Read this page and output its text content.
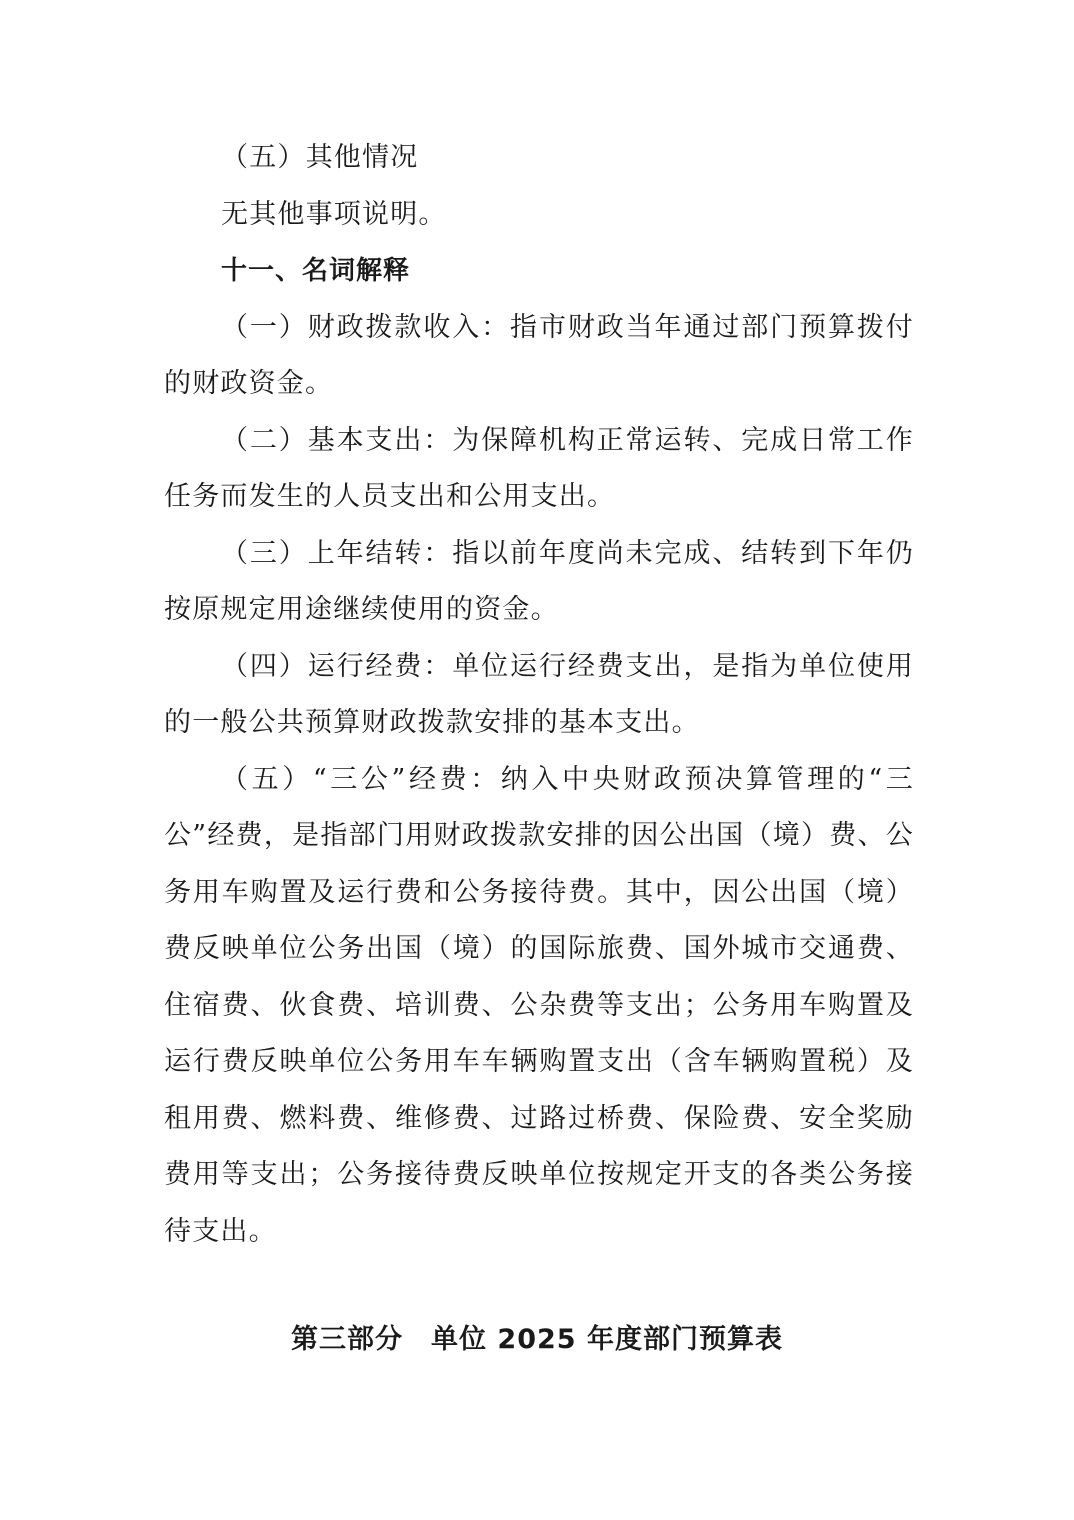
（五）其他情况

无其他事项说明。

十一、名词解释

（一）财政拨款收入：指市财政当年通过部门预算拨付的财政资金。

（二）基本支出：为保障机构正常运转、完成日常工作任务而发生的人员支出和公用支出。

（三）上年结转：指以前年度尚未完成、结转到下年仍按原规定用途继续使用的资金。

（四）运行经费：单位运行经费支出，是指为单位使用的一般公共预算财政拨款安排的基本支出。

（五）“三公”经费：纳入中央财政预决算管理的“三公”经费，是指部门用财政拨款安排的因公出国（境）费、公务用车购置及运行费和公务接待费。其中，因公出国（境）费反映单位公务出国（境）的国际旅费、国外城市交通费、住宿费、伙食费、培训费、公杂费等支出；公务用车购置及运行费反映单位公务用车车辆购置支出（含车辆购置税）及租用费、燃料费、维修费、过路过桥费、保险费、安全奖励费用等支出；公务接待费反映单位按规定开支的各类公务接待支出。

第三部分　单位 2025 年度部门预算表
